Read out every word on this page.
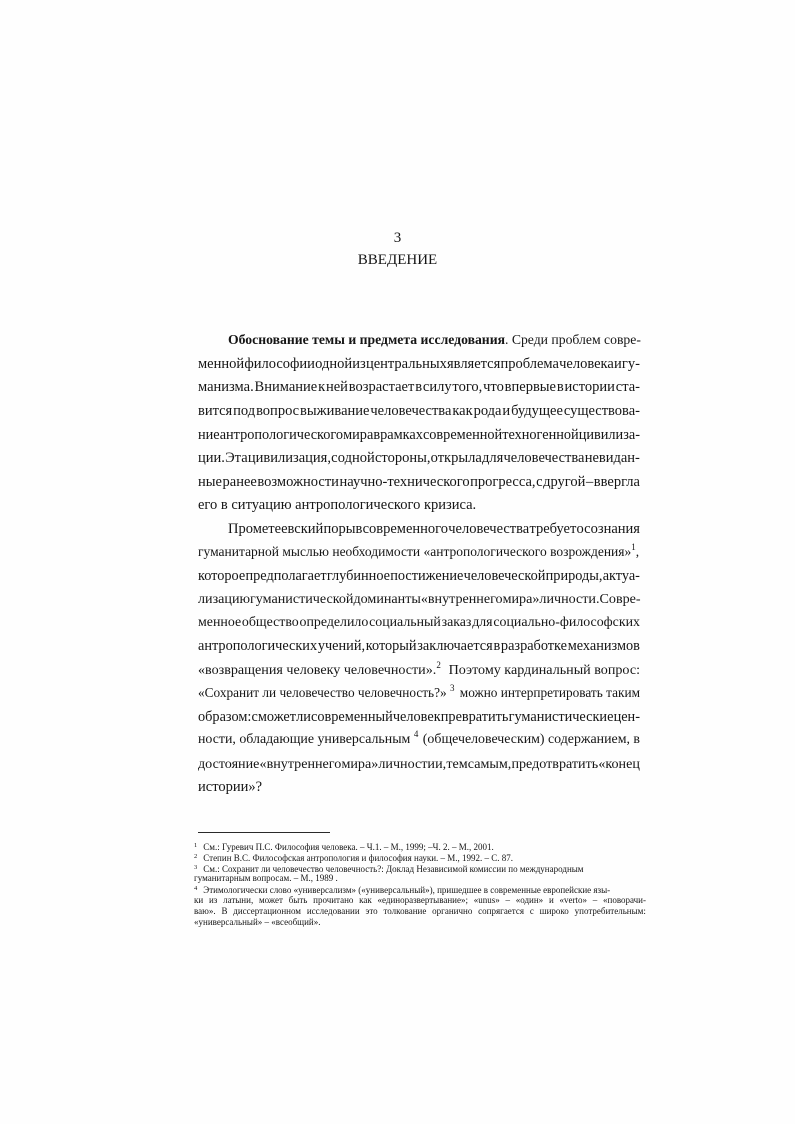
3
ВВЕДЕНИЕ
Обоснование темы и предмета исследования. Среди проблем совре-
менной философии одной из центральных является проблема человека и гу-
манизма. Внимание к ней возрастает в силу того, что впервые в истории ста-
вится под вопрос выживание человечества как рода и будущее существова-
ние антропологического мира в рамках современной техногенной цивилиза-
ции. Эта цивилизация, с одной стороны, открыла для человечества невидан-
ные ранее возможности научно-технического прогресса, с другой – ввергла
его в ситуацию антропологического кризиса.
Прометеевский порыв современного человечества требует осознания
гуманитарной мыслью необходимости «антропологического возрождения»$^1$,
которое предполагает глубинное постижение человеческой природы, актуа-
лизацию гуманистической доминанты «внутреннего мира» личности. Совре-
менное общество определило социальный заказ для социально-философских
антропологических учений, который заключается в разработке механизмов
«возвращения человеку человечности».$^2$ Поэтому кардинальный вопрос:
«Сохранит ли человечество человечность?» $^3$ можно интерпретировать таким
образом: сможет ли современный человек превратить гуманистические цен-
ности, обладающие универсальным $^4$ (общечеловеческим) содержанием, в
достояние «внутреннего мира» личности и, тем самым, предотвратить «конец
истории»?
$^1$ См.: Гуревич П.С. Философия человека. – Ч.1. – М., 1999; –Ч. 2. – М., 2001.
$^2$ Степин В.С. Философская антропология и философия науки. – М., 1992. – С. 87.
$^3$ См.: Сохранит ли человечество человечность?: Доклад Независимой комиссии по международным
гуманитарным вопросам. – М., 1989 .
$^4$ Этимологически слово «универсализм» («универсальный»), пришедшее в современные европейские язы-
ки из латыни, может быть прочитано как «единоразвертывание»; «unus» – «один» и «verto» – «поворачи-
ваю». В диссертационном исследовании это толкование органично сопрягается с широко употребительным:
«универсальный» – «всеобщий».
